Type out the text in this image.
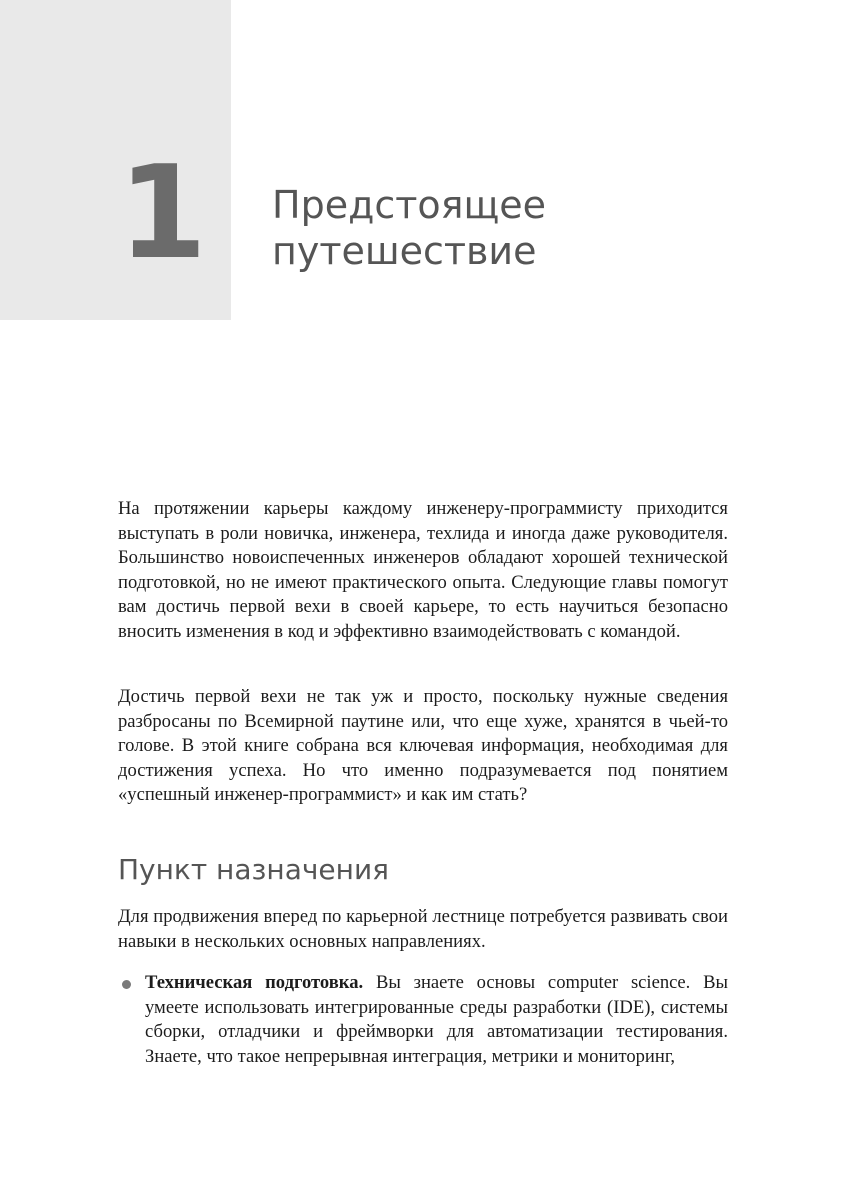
1 Предстоящее
путешествие

На протяжении карьеры каждому инженеру-программисту приходится выступать в роли новичка, инженера, техлида и иногда даже руководителя. Большинство новоиспеченных инженеров обладают хорошей технической подготовкой, но не имеют практического опыта. Следующие главы помогут вам достичь первой вехи в своей карьере, то есть научиться безопасно вносить изменения в код и эффективно взаимодействовать с командой.

Достичь первой вехи не так уж и просто, поскольку нужные сведения разбросаны по Всемирной паутине или, что еще хуже, хранятся в чьей-то голове. В этой книге собрана вся ключевая информация, необходимая для достижения успеха. Но что именно подразумевается под понятием «успешный инженер-программист» и как им стать?

Пункт назначения

Для продвижения вперед по карьерной лестнице потребуется развивать свои навыки в нескольких основных направлениях.

Техническая подготовка. Вы знаете основы computer science. Вы умеете использовать интегрированные среды разработки (IDE), системы сборки, отладчики и фреймворки для автоматизации тестирования. Знаете, что такое непрерывная интеграция, метрики и мониторинг,
